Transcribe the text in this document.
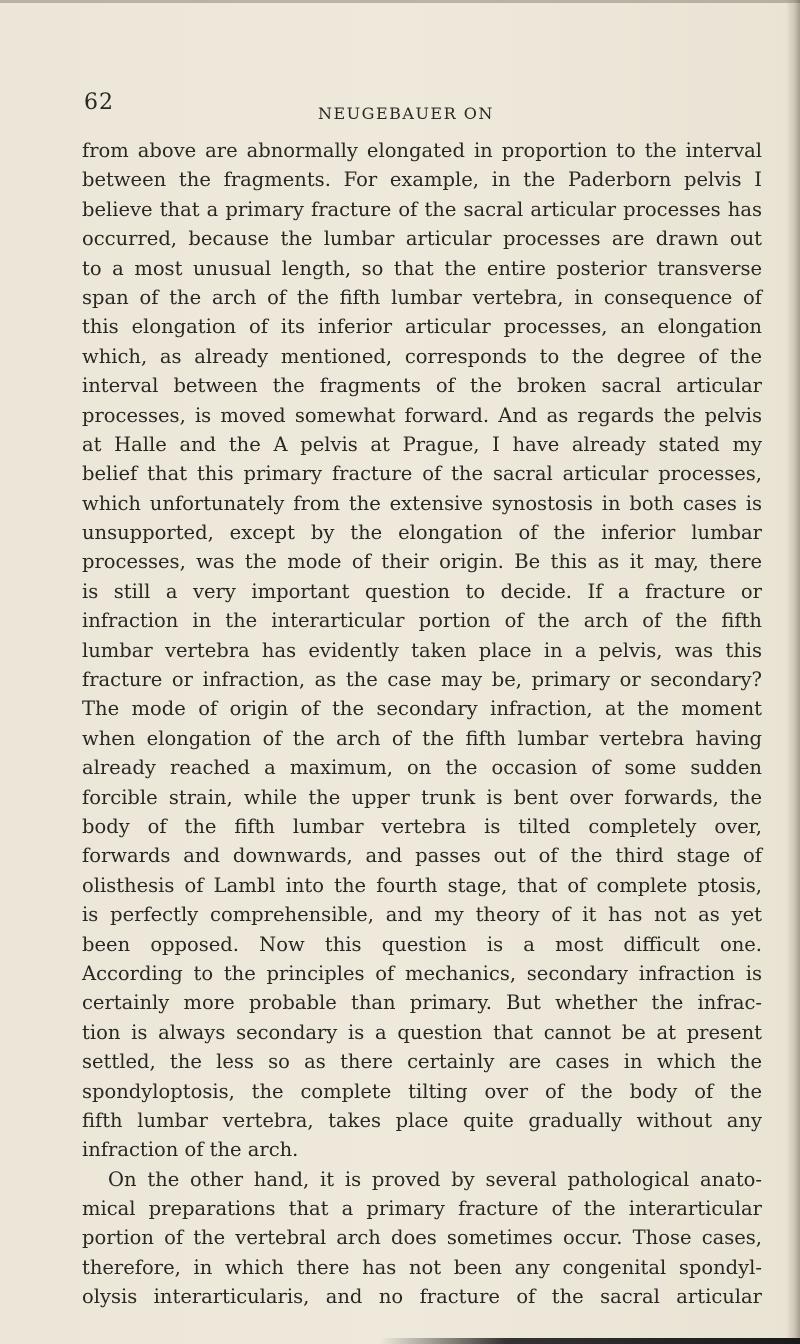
62	NEUGEBAUER ON
from above are abnormally elongated in proportion to the interval
between the fragments. For example, in the Paderborn pelvis I
believe that a primary fracture of the sacral articular processes has
occurred, because the lumbar articular processes are drawn out
to a most unusual length, so that the entire posterior transverse
span of the arch of the fifth lumbar vertebra, in consequence of
this elongation of its inferior articular processes, an elongation
which, as already mentioned, corresponds to the degree of the
interval between the fragments of the broken sacral articular
processes, is moved somewhat forward. And as regards the pelvis
at Halle and the A pelvis at Prague, I have already stated my
belief that this primary fracture of the sacral articular processes,
which unfortunately from the extensive synostosis in both cases is
unsupported, except by the elongation of the inferior lumbar
processes, was the mode of their origin. Be this as it may, there
is still a very important question to decide. If a fracture or
infraction in the interarticular portion of the arch of the fifth
lumbar vertebra has evidently taken place in a pelvis, was this
fracture or infraction, as the case may be, primary or secondary?
The mode of origin of the secondary infraction, at the moment
when elongation of the arch of the fifth lumbar vertebra having
already reached a maximum, on the occasion of some sudden
forcible strain, while the upper trunk is bent over forwards, the
body of the fifth lumbar vertebra is tilted completely over,
forwards and downwards, and passes out of the third stage of
olisthesis of Lambl into the fourth stage, that of complete ptosis,
is perfectly comprehensible, and my theory of it has not as yet
been opposed. Now this question is a most difficult one.
According to the principles of mechanics, secondary infraction is
certainly more probable than primary. But whether the infrac-
tion is always secondary is a question that cannot be at present
settled, the less so as there certainly are cases in which the
spondyloptosis, the complete tilting over of the body of the
fifth lumbar vertebra, takes place quite gradually without any
infraction of the arch.
On the other hand, it is proved by several pathological anato-
mical preparations that a primary fracture of the interarticular
portion of the vertebral arch does sometimes occur. Those cases,
therefore, in which there has not been any congenital spondyl-
olysis interarticularis, and no fracture of the sacral articular
